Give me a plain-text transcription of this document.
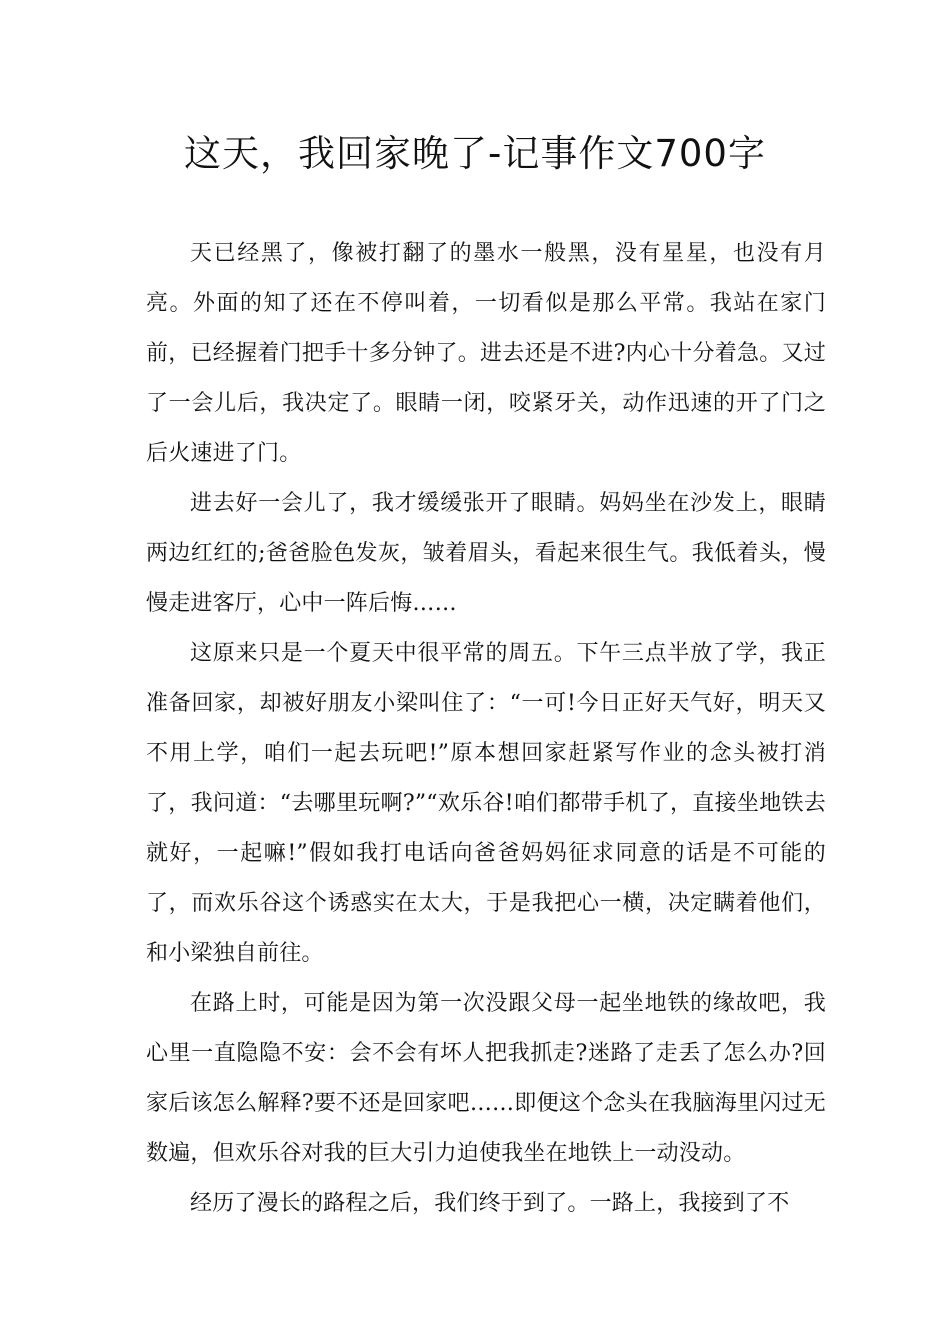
这天，我回家晚了-记事作文700字

天已经黑了，像被打翻了的墨水一般黑，没有星星，也没有月亮。外面的知了还在不停叫着，一切看似是那么平常。我站在家门前，已经握着门把手十多分钟了。进去还是不进?内心十分着急。又过了一会儿后，我决定了。眼睛一闭，咬紧牙关，动作迅速的开了门之后火速进了门。

进去好一会儿了，我才缓缓张开了眼睛。妈妈坐在沙发上，眼睛两边红红的;爸爸脸色发灰，皱着眉头，看起来很生气。我低着头，慢慢走进客厅，心中一阵后悔……

这原来只是一个夏天中很平常的周五。下午三点半放了学，我正准备回家，却被好朋友小梁叫住了：“一可!今日正好天气好，明天又不用上学，咱们一起去玩吧!”原本想回家赶紧写作业的念头被打消了，我问道：“去哪里玩啊?”“欢乐谷!咱们都带手机了，直接坐地铁去就好，一起嘛!”假如我打电话向爸爸妈妈征求同意的话是不可能的了，而欢乐谷这个诱惑实在太大，于是我把心一横，决定瞒着他们，和小梁独自前往。

在路上时，可能是因为第一次没跟父母一起坐地铁的缘故吧，我心里一直隐隐不安：会不会有坏人把我抓走?迷路了走丢了怎么办?回家后该怎么解释?要不还是回家吧……即便这个念头在我脑海里闪过无数遍，但欢乐谷对我的巨大引力迫使我坐在地铁上一动没动。

经历了漫长的路程之后，我们终于到了。一路上，我接到了不
